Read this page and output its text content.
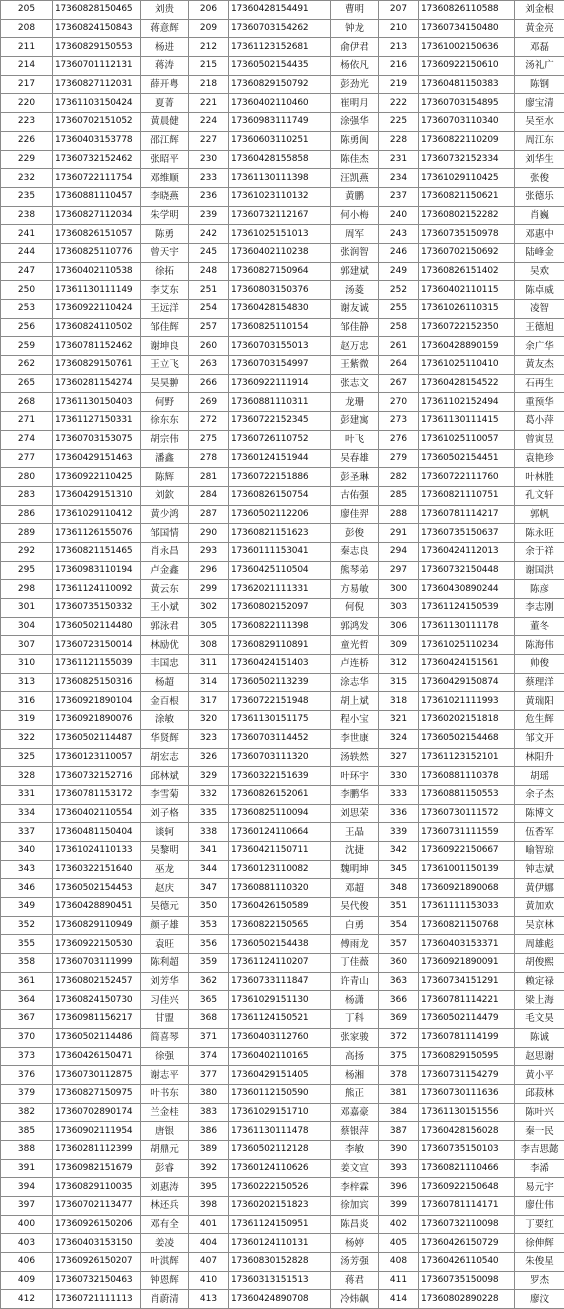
205	17360828150465	刘贵	206	17360428154491	曹明	207	17360826110588	刘金根
208	17360824150843	蒋意辉	209	17360703154262	钟龙	210	17360734150480	黄金亮
211	17360829150553	杨进	212	17361123152681	俞伊君	213	17361002150636	邓磊
214	17360701112131	蒋涛	215	17360502154435	杨依凡	216	17360922150610	汤礼广
217	17360827112031	薛开粤	218	17360829150792	彭劲光	219	17360481150383	陈钢
220	17361103150424	夏菁	221	17360402110460	崔明月	222	17360703154895	廖宝清
223	17360702151052	黄晨健	224	17360983111749	涂强华	225	17360703110340	吴至水
226	17360403153778	邵江辉	227	17360603110251	陈勇闽	228	17360822110209	周江东
229	17360732152462	张昭平	230	17360428155858	陈佳杰	231	17360732152334	刘华生
232	17360722111754	邓维顺	233	17361130111398	汪凯燕	234	17361029110425	张俊
235	17360881110457	李晓燕	236	17361023110132	黄鹏	237	17360821150621	张德乐
238	17360827112034	朱学明	239	17360732112167	何小梅	240	17360802152282	肖巍
241	17360826151057	陈勇	242	17361025151013	周军	243	17360735150978	邓惠中
244	17360825110776	曾天宇	245	17360402110238	张润智	246	17360702150692	陆峰金
247	17360402110538	徐拓	248	17360827150964	郭建斌	249	17360826151402	吴欢
250	17361130111149	李艾东	251	17360803150376	汤菱	252	17360402110115	陈卓威
253	17360922110424	王远洋	254	17360428154830	谢友诚	255	17361026110315	凌智
256	17360824110502	邹佳辉	257	17360825110154	邹佳静	258	17360722152350	王德旭
259	17360781152462	谢坤良	260	17360703155013	赵万忠	261	17360428890159	余广华
262	17360829150761	王立飞	263	17360703154997	王紫微	264	17361025110410	黄友杰
265	17360281154274	吴昊翀	266	17360922111914	张志文	267	17360428154522	石再生
268	17361130150403	何野	269	17360881110311	龙珊	270	17361102152494	重预华
271	17361127150331	徐东东	272	17360722152345	彭建寓	273	17361130111415	葛小萍
274	17360703153075	胡宗伟	275	17360726110752	叶飞	276	17361025110057	曾寅昱
277	17360429151463	潘鑫	278	17360124151944	吴春雄	279	17360502154451	袁艳珍
280	17360922110425	陈辉	281	17360722151886	彭圣琳	282	17360722111760	叶林胜
283	17360429151310	刘欽	284	17360826150754	古佑强	285	17360821110751	孔文轩
286	17361029110412	黄少鸿	287	17360502112206	廖佳羿	288	17360781114217	郭帆
289	17361126155076	邹国情	290	17360821151623	彭俊	291	17360735150637	陈永旺
292	17360821151465	肖永昌	293	17360111153041	秦志良	294	17360424112013	余于祥
295	17360983110194	卢金鑫	296	17360425110504	熊琴弟	297	17360732150448	谢国洪
298	17361124110092	黄云东	299	17362021111331	方易敏	300	17360430890244	陈彦
301	17360735150332	王小斌	302	17360802152097	何倪	303	17361124150539	李志刚
304	17360502114480	郭泳君	305	17360822111398	郭鸿发	306	17361130111178	董冬
307	17360723150014	林励优	308	17360829110891	童光哲	309	17361025110234	陈海伟
310	17361121155039	丰国忠	311	17360424151403	卢连桥	312	17360424151561	帅俊
313	17360825150316	杨超	314	17360502113239	涂志华	315	17360429150874	蔡理洋
316	17360921890104	金百根	317	17360722151948	胡上斌	318	17361021111993	黄瑞阳
319	17360921890076	涂敏	320	17361130151175	程小宝	321	17360202151818	危生辉
322	17360502114487	华贤辉	323	17360703114452	李世康	324	17360502154468	邹文开
325	17360123110057	胡宏志	326	17360703111320	汤轶然	327	17361123152101	林阳升
328	17360732152716	邱林斌	329	17360322151639	叶环宇	330	17360881110378	胡瑶
331	17360781153172	李雪菊	332	17360826152061	李鹏华	333	17360881150553	余子杰
334	17360402110554	刘子格	335	17360825110094	刘思荣	336	17360730111572	陈博文
337	17360481150404	谈轲	338	17360124110664	王晶	339	17360731111559	伍香军
340	17361024110133	吴黎明	341	17360421150711	沈捷	342	17360922150667	喻智琼
343	17360322151640	巫龙	344	17360123110082	魏明坤	345	17361001150139	钟志斌
346	17360502154453	赵庆	347	17360881110320	邓超	348	17360921890068	黄伊娜
349	17360428890451	吴德元	350	17360426150589	吴代俊	351	17361111153033	黄加欢
352	17360829110949	颜子雄	353	17360822150565	白勇	354	17360821150768	吴京林
355	17360922150530	袁旺	356	17360502154438	傅雨龙	357	17360403153371	周雄彪
358	17360703111999	陈利超	359	17361124110207	丁佳薇	360	17360921890091	胡俊熙
361	17360802152457	刘芳华	362	17360733111847	许青山	363	17360734151291	赖定禄
364	17360824150730	习佳兴	365	17361029151130	杨潇	366	17360781114221	梁上海
367	17360981156217	甘盟	368	17361124150521	丁科	369	17360502114479	毛文昊
370	17360502114486	简喜琴	371	17360403112760	张家骏	372	17360781114199	陈诚
373	17360426150471	徐强	374	17360402110165	高扬	375	17360829150595	赵思谢
376	17360730112875	谢志平	377	17360429151405	杨湘	378	17360731154279	黄小平
379	17360827150975	叶书东	380	17360112150590	熊正	381	17360730111636	邱菽林
382	17360702890174	兰金桂	383	17361029151710	邓嘉豪	384	17361130151556	陈叶兴
385	17360902111954	唐银	386	17361130111478	蔡银萍	387	17360428156028	秦一民
388	17360281112399	胡鼎元	389	17360502112128	李敏	390	17360735150103	李吉思懿
391	17360982151679	彭睿	392	17360124110626	姜文宣	393	17360821110466	李浠
394	17360829110035	刘惠涛	395	17360222150526	李梓霖	396	17360922150648	易元宇
397	17360702113477	林还兵	398	17360202151823	徐加宾	399	17360781114171	廖仕伟
400	17360926150206	邓有全	401	17361124150951	陈昌炎	402	17360732110098	丁要红
403	17360403153150	姜凌	404	17360124110131	杨婷	405	17360426150729	徐伸辉
406	17360926150207	叶淇辉	407	17360830152828	汤芳强	408	17360426110540	朱俊星
409	17360732150463	钟恩辉	410	17360313151513	蒋君	411	17360735150098	罗杰
412	17360721111113	肖蔚清	413	17360424890708	冷炜飙	414	17360802890228	廖汶
